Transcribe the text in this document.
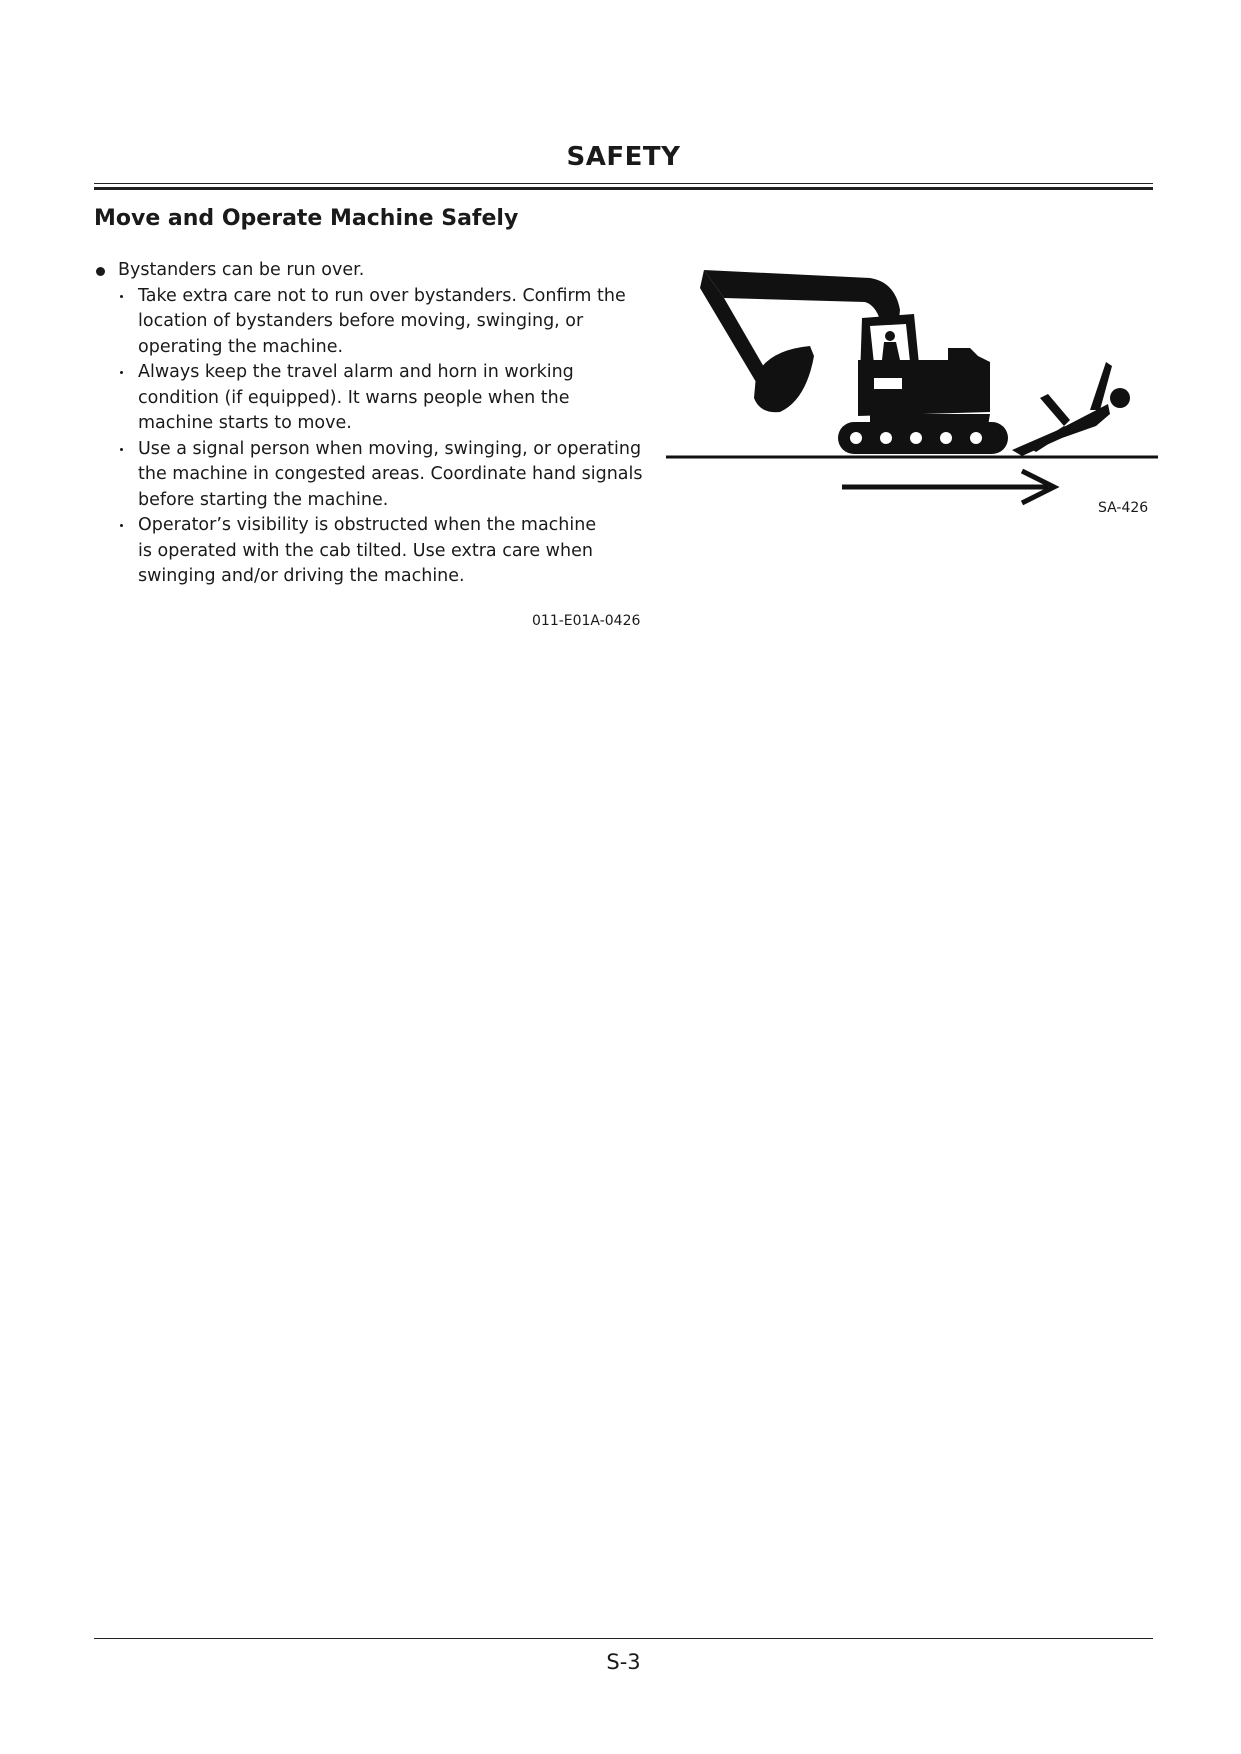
SAFETY
Move and Operate Machine Safely
Bystanders can be run over.
Take extra care not to run over bystanders. Confirm the
location of bystanders before moving, swinging, or
operating the machine.
Always keep the travel alarm and horn in working
condition (if equipped). It warns people when the
machine starts to move.
Use a signal person when moving, swinging, or operating
the machine in congested areas. Coordinate hand signals
before starting the machine.
Operator’s visibility is obstructed when the machine
is operated with the cab tilted. Use extra care when
swinging and/or driving the machine.
011-E01A-0426
SA-426
S-3
